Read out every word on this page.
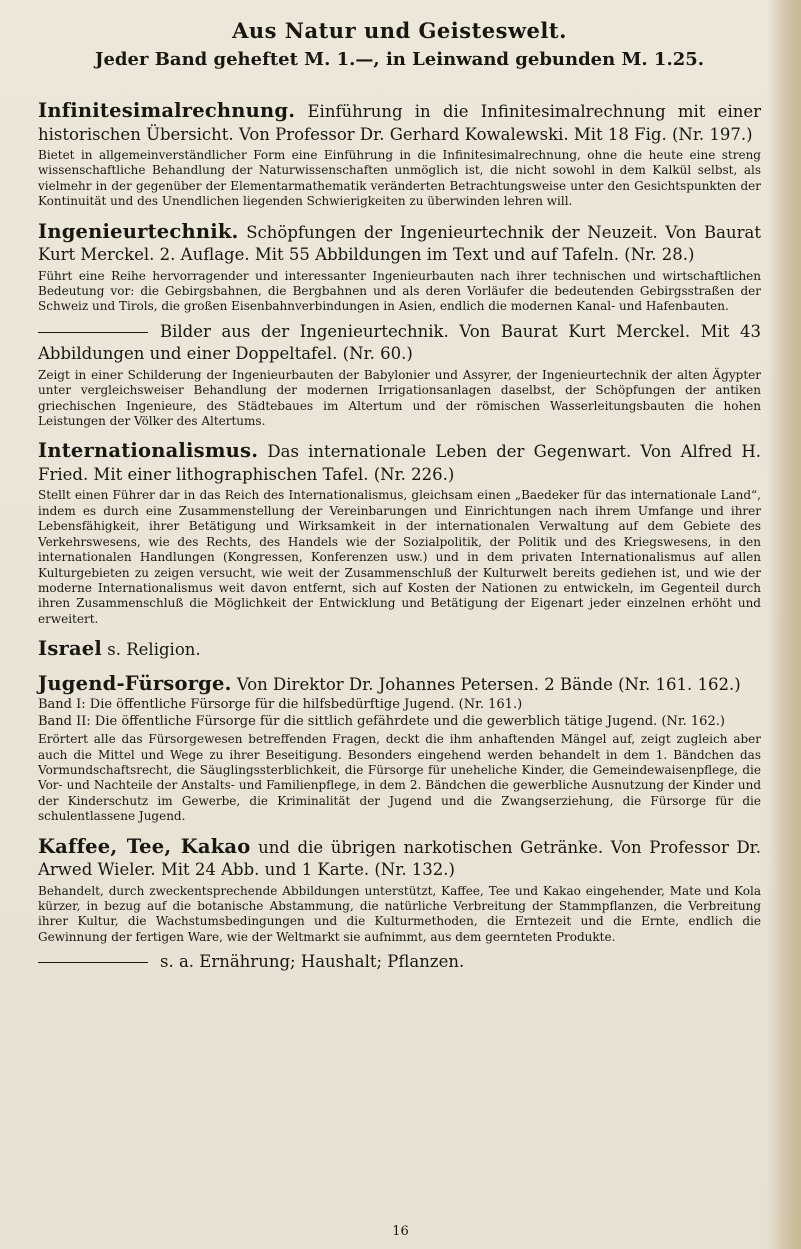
Aus Natur und Geisteswelt.
Jeder Band geheftet M. 1.—, in Leinwand gebunden M. 1.25.

Infinitesimalrechnung. Einführung in die Infinitesimalrechnung mit einer historischen Übersicht. Von Professor Dr. Gerhard Kowalewski. Mit 18 Fig. (Nr. 197.)

Bietet in allgemeinverständlicher Form eine Einführung in die Infinitesimalrechnung, ohne die heute eine streng wissenschaftliche Behandlung der Naturwissenschaften unmöglich ist, die nicht sowohl in dem Kalkül selbst, als vielmehr in der gegenüber der Elementarmathematik veränderten Betrachtungsweise unter den Gesichtspunkten der Kontinuität und des Unendlichen liegenden Schwierigkeiten zu überwinden lehren will.

Ingenieurtechnik. Schöpfungen der Ingenieurtechnik der Neuzeit. Von Baurat Kurt Merckel. 2. Auflage. Mit 55 Abbildungen im Text und auf Tafeln. (Nr. 28.)

Führt eine Reihe hervorragender und interessanter Ingenieurbauten nach ihrer technischen und wirtschaftlichen Bedeutung vor: die Gebirgsbahnen, die Bergbahnen und als deren Vorläufer die bedeutenden Gebirgsstraßen der Schweiz und Tirols, die großen Eisenbahnverbindungen in Asien, endlich die modernen Kanal- und Hafenbauten.

Bilder aus der Ingenieurtechnik. Von Baurat Kurt Merckel. Mit 43 Abbildungen und einer Doppeltafel. (Nr. 60.)

Zeigt in einer Schilderung der Ingenieurbauten der Babylonier und Assyrer, der Ingenieurtechnik der alten Ägypter unter vergleichsweiser Behandlung der modernen Irrigationsanlagen daselbst, der Schöpfungen der antiken griechischen Ingenieure, des Städtebaues im Altertum und der römischen Wasserleitungsbauten die hohen Leistungen der Völker des Altertums.

Internationalismus. Das internationale Leben der Gegenwart. Von Alfred H. Fried. Mit einer lithographischen Tafel. (Nr. 226.)

Stellt einen Führer dar in das Reich des Internationalismus, gleichsam einen „Baedeker für das internationale Land“, indem es durch eine Zusammenstellung der Vereinbarungen und Einrichtungen nach ihrem Umfange und ihrer Lebensfähigkeit, ihrer Betätigung und Wirksamkeit in der internationalen Verwaltung auf dem Gebiete des Verkehrswesens, wie des Rechts, des Handels wie der Sozialpolitik, der Politik und des Kriegswesens, in den internationalen Handlungen (Kongressen, Konferenzen usw.) und in dem privaten Internationalismus auf allen Kulturgebieten zu zeigen versucht, wie weit der Zusammenschluß der Kulturwelt bereits gediehen ist, und wie der moderne Internationalismus weit davon entfernt, sich auf Kosten der Nationen zu entwickeln, im Gegenteil durch ihren Zusammenschluß die Möglichkeit der Entwicklung und Betätigung der Eigenart jeder einzelnen erhöht und erweitert.

Israel s. Religion.

Jugend-Fürsorge. Von Direktor Dr. Johannes Petersen. 2 Bände (Nr. 161. 162.)

Band I: Die öffentliche Fürsorge für die hilfsbedürftige Jugend. (Nr. 161.)

Band II: Die öffentliche Fürsorge für die sittlich gefährdete und die gewerblich tätige Jugend. (Nr. 162.)

Erörtert alle das Fürsorgewesen betreffenden Fragen, deckt die ihm anhaftenden Mängel auf, zeigt zugleich aber auch die Mittel und Wege zu ihrer Beseitigung. Besonders eingehend werden behandelt in dem 1. Bändchen das Vormundschaftsrecht, die Säuglingssterblichkeit, die Fürsorge für uneheliche Kinder, die Gemeindewaisenpflege, die Vor- und Nachteile der Anstalts- und Familienpflege, in dem 2. Bändchen die gewerbliche Ausnutzung der Kinder und der Kinderschutz im Gewerbe, die Kriminalität der Jugend und die Zwangserziehung, die Fürsorge für die schulentlassene Jugend.

Kaffee, Tee, Kakao und die übrigen narkotischen Getränke. Von Professor Dr. Arwed Wieler. Mit 24 Abb. und 1 Karte. (Nr. 132.)

Behandelt, durch zweckentsprechende Abbildungen unterstützt, Kaffee, Tee und Kakao eingehender, Mate und Kola kürzer, in bezug auf die botanische Abstammung, die natürliche Verbreitung der Stammpflanzen, die Verbreitung ihrer Kultur, die Wachstumsbedingungen und die Kulturmethoden, die Erntezeit und die Ernte, endlich die Gewinnung der fertigen Ware, wie der Weltmarkt sie aufnimmt, aus dem geernteten Produkte.

s. a. Ernährung; Haushalt; Pflanzen.

16
